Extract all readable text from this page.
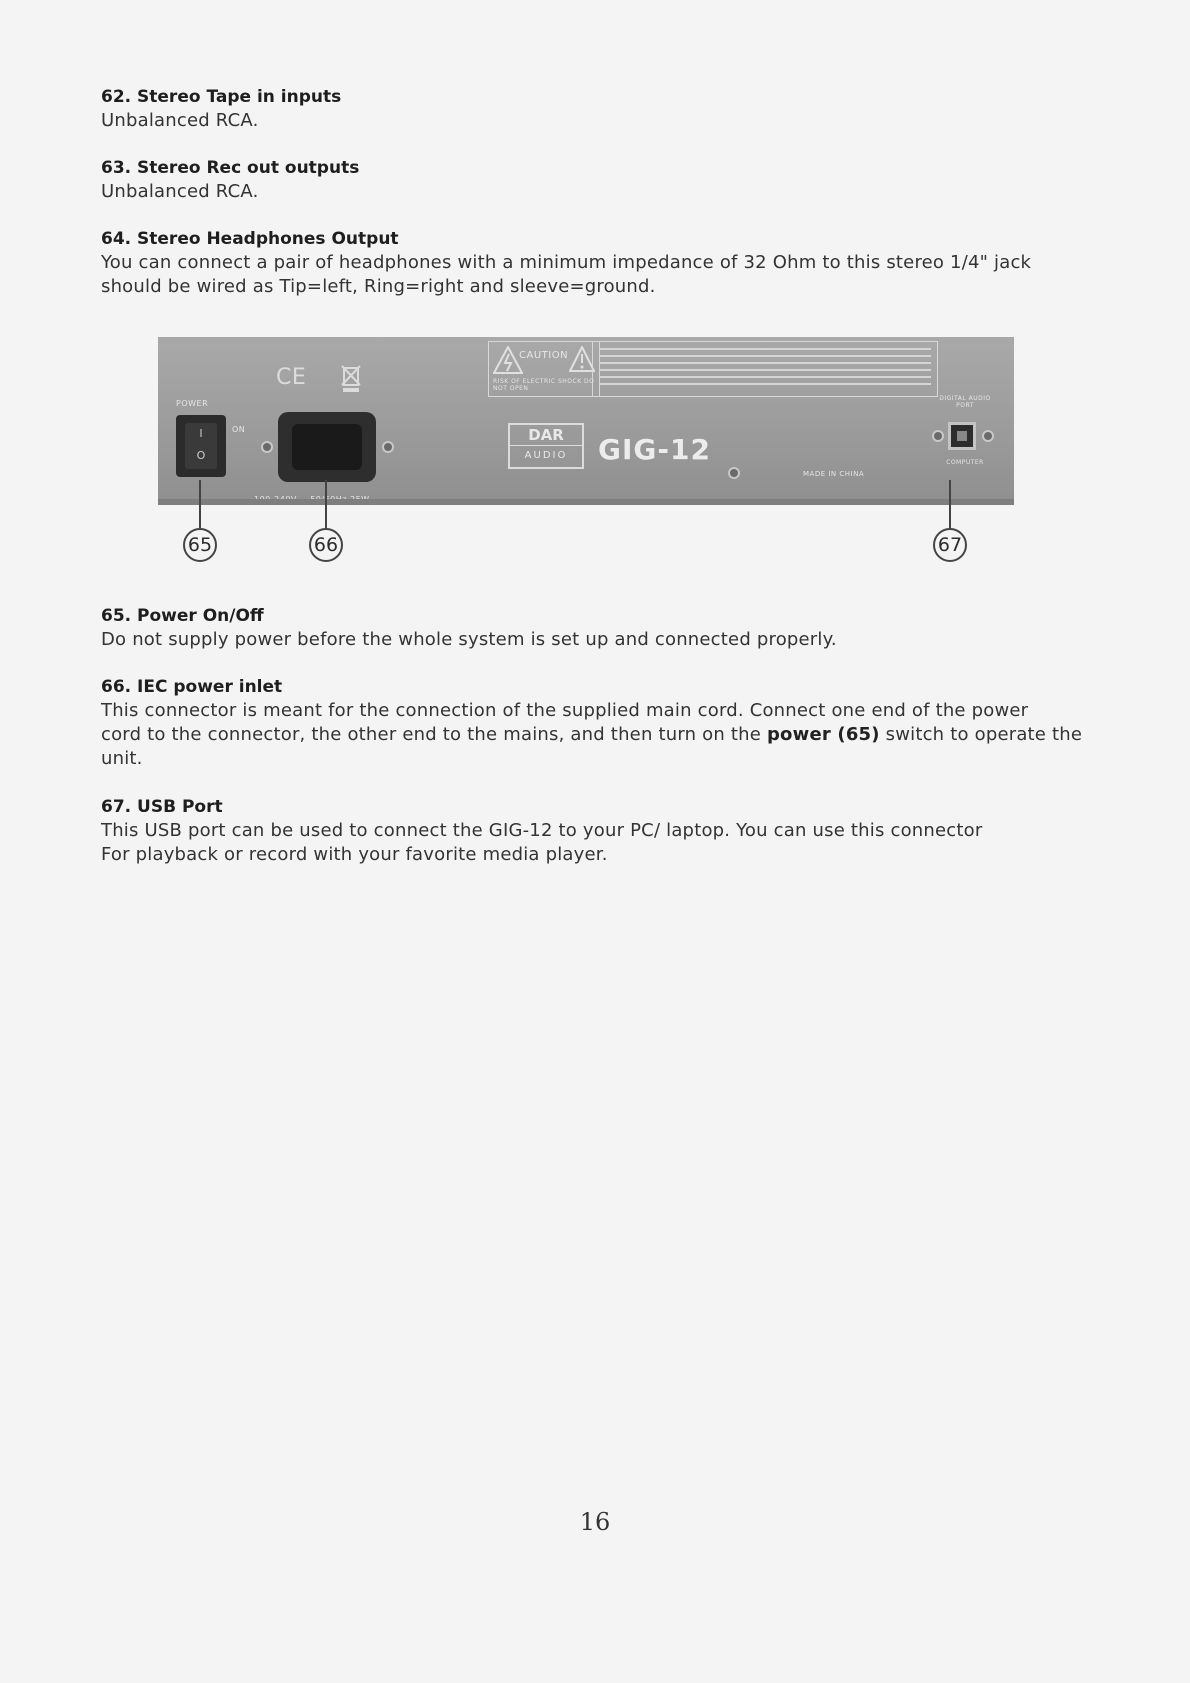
62. Stereo Tape in inputs

Unbalanced RCA.

63. Stereo Rec out outputs

Unbalanced RCA.

64. Stereo Headphones Output

You can connect a pair of headphones with a minimum impedance of 32 Ohm to this stereo 1/4" jack

should be wired as Tip=left, Ring=right and sleeve=ground.

POWER
I
O
ON
CE
CAUTION
RISK OF ELECTRIC SHOCK DO NOT OPEN
DAR
AUDIO	GIG-12
MADE IN CHINA
DIGITAL AUDIO PORT
COMPUTER
65	66	67

65. Power On/Off

Do not supply power before the whole system is set up and connected properly.

66. IEC power inlet

This connector is meant for the connection of the supplied main cord. Connect one end of the power

cord to the connector, the other end to the mains, and then turn on the power (65) switch to operate the

unit.

67. USB Port

This USB port can be used to connect the GIG-12 to your PC/ laptop. You can use this connector

For playback or record with your favorite media player.

16
